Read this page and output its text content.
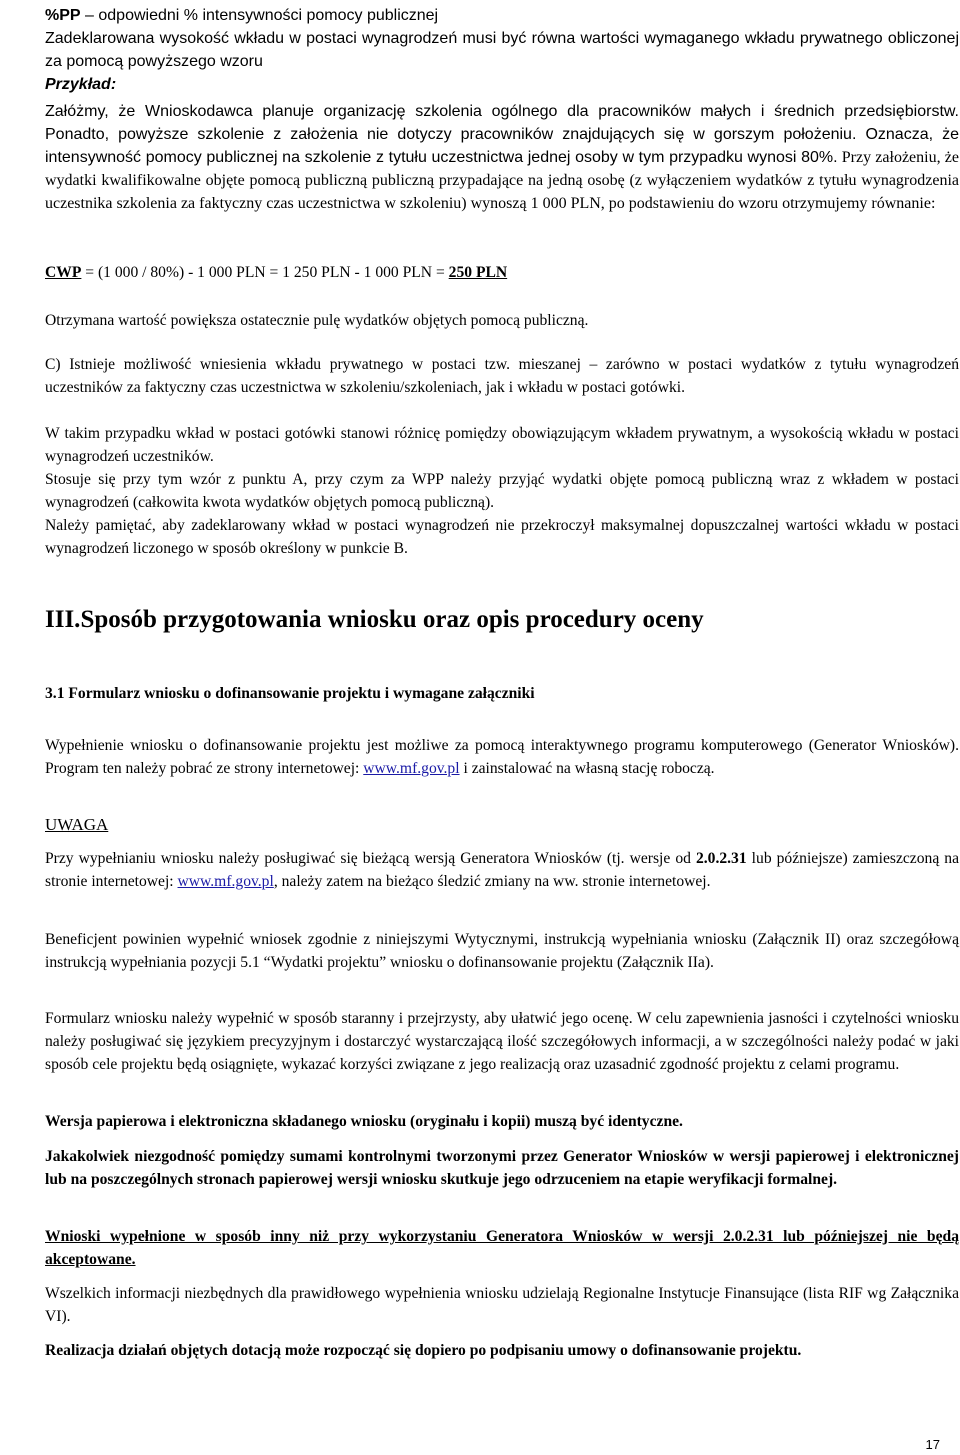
%PP – odpowiedni % intensywności pomocy publicznej

Zadeklarowana wysokość wkładu w postaci wynagrodzeń musi być równa wartości wymaganego wkładu prywatnego obliczonej za pomocą powyższego wzoru

Przykład:

Załóżmy, że Wnioskodawca planuje organizację szkolenia ogólnego dla pracowników małych i średnich przedsiębiorstw. Ponadto, powyższe szkolenie z założenia nie dotyczy pracowników znajdujących się w gorszym położeniu. Oznacza, że intensywność pomocy publicznej na szkolenie z tytułu uczestnictwa jednej osoby w tym przypadku wynosi 80%. Przy założeniu, że wydatki kwalifikowalne objęte pomocą publiczną publiczną przypadające na jedną osobę (z wyłączeniem wydatków z tytułu wynagrodzenia uczestnika szkolenia za faktyczny czas uczestnictwa w szkoleniu) wynoszą 1 000 PLN, po podstawieniu do wzoru otrzymujemy równanie:

CWP = (1 000 / 80%) - 1 000 PLN = 1 250 PLN - 1 000 PLN = 250 PLN

Otrzymana wartość powiększa ostatecznie pulę wydatków objętych pomocą publiczną.

C) Istnieje możliwość wniesienia wkładu prywatnego w postaci tzw. mieszanej – zarówno w postaci wydatków z tytułu wynagrodzeń uczestników za faktyczny czas uczestnictwa w szkoleniu/szkoleniach, jak i wkładu w postaci gotówki.

W takim przypadku wkład w postaci gotówki stanowi różnicę pomiędzy obowiązującym wkładem prywatnym, a wysokością wkładu w postaci wynagrodzeń uczestników.

Stosuje się przy tym wzór z punktu A, przy czym za WPP należy przyjąć wydatki objęte pomocą publiczną wraz z wkładem w postaci wynagrodzeń (całkowita kwota wydatków objętych pomocą publiczną).

Należy pamiętać, aby zadeklarowany wkład w postaci wynagrodzeń nie przekroczył maksymalnej dopuszczalnej wartości wkładu w postaci wynagrodzeń liczonego w sposób określony w punkcie B.

III.Sposób przygotowania wniosku oraz opis procedury oceny

3.1 Formularz wniosku o dofinansowanie projektu i wymagane załączniki

Wypełnienie wniosku o dofinansowanie projektu jest możliwe za pomocą interaktywnego programu komputerowego (Generator Wniosków). Program ten należy pobrać ze strony internetowej: www.mf.gov.pl i zainstalować na własną stację roboczą.

UWAGA

Przy wypełnianiu wniosku należy posługiwać się bieżącą wersją Generatora Wniosków (tj. wersje od 2.0.2.31 lub późniejsze) zamieszczoną na stronie internetowej: www.mf.gov.pl, należy zatem na bieżąco śledzić zmiany na ww. stronie internetowej.

Beneficjent powinien wypełnić wniosek zgodnie z niniejszymi Wytycznymi, instrukcją wypełniania wniosku (Załącznik II) oraz szczegółową instrukcją wypełniania pozycji 5.1 “Wydatki projektu” wniosku o dofinansowanie projektu (Załącznik IIa).

Formularz wniosku należy wypełnić w sposób staranny i przejrzysty, aby ułatwić jego ocenę. W celu zapewnienia jasności i czytelności wniosku należy posługiwać się językiem precyzyjnym i dostarczyć wystarczającą ilość szczegółowych informacji, a w szczególności należy podać w jaki sposób cele projektu będą osiągnięte, wykazać korzyści związane z jego realizacją oraz uzasadnić zgodność projektu z celami programu.

Wersja papierowa i elektroniczna składanego wniosku (oryginału i kopii) muszą być identyczne.

Jakakolwiek niezgodność pomiędzy sumami kontrolnymi tworzonymi przez Generator Wniosków w wersji papierowej i elektronicznej lub na poszczególnych stronach papierowej wersji wniosku skutkuje jego odrzuceniem na etapie weryfikacji formalnej.

Wnioski wypełnione w sposób inny niż przy wykorzystaniu Generatora Wniosków w wersji 2.0.2.31 lub późniejszej nie będą akceptowane.

Wszelkich informacji niezbędnych dla prawidłowego wypełnienia wniosku udzielają Regionalne Instytucje Finansujące (lista RIF wg Załącznika VI).

Realizacja działań objętych dotacją może rozpocząć się dopiero po podpisaniu umowy o dofinansowanie projektu.

17
